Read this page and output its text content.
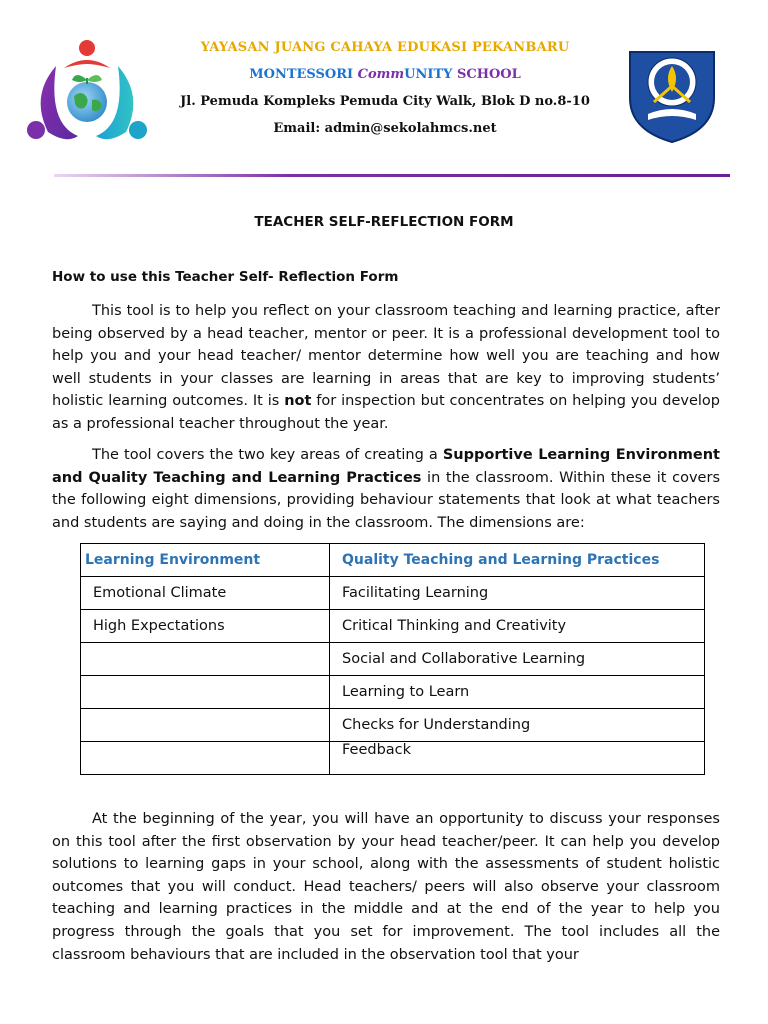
YAYASAN JUANG CAHAYA EDUKASI PEKANBARU
MONTESSORI CommUNITY SCHOOL
Jl. Pemuda Kompleks Pemuda City Walk, Blok D no.8-10
Email: admin@sekolahmcs.net
TEACHER SELF-REFLECTION FORM
How to use this Teacher Self- Reflection Form
This tool is to help you reflect on your classroom teaching and learning practice, after being observed by a head teacher, mentor or peer. It is a professional development tool to help you and your head teacher/ mentor determine how well you are teaching and how well students in your classes are learning in areas that are key to improving students’ holistic learning outcomes. It is not for inspection but concentrates on helping you develop as a professional teacher throughout the year.
The tool covers the two key areas of creating a Supportive Learning Environment and Quality Teaching and Learning Practices in the classroom. Within these it covers the following eight dimensions, providing behaviour statements that look at what teachers and students are saying and doing in the classroom. The dimensions are:
Learning Environment	Quality Teaching and Learning Practices
Emotional Climate	Facilitating Learning
High Expectations	Critical Thinking and Creativity
	Social and Collaborative Learning
	Learning to Learn
	Checks for Understanding
	Feedback
At the beginning of the year, you will have an opportunity to discuss your responses on this tool after the first observation by your head teacher/peer. It can help you develop solutions to learning gaps in your school, along with the assessments of student holistic outcomes that you will conduct. Head teachers/ peers will also observe your classroom teaching and learning practices in the middle and at the end of the year to help you progress through the goals that you set for improvement. The tool includes all the classroom behaviours that are included in the observation tool that your
